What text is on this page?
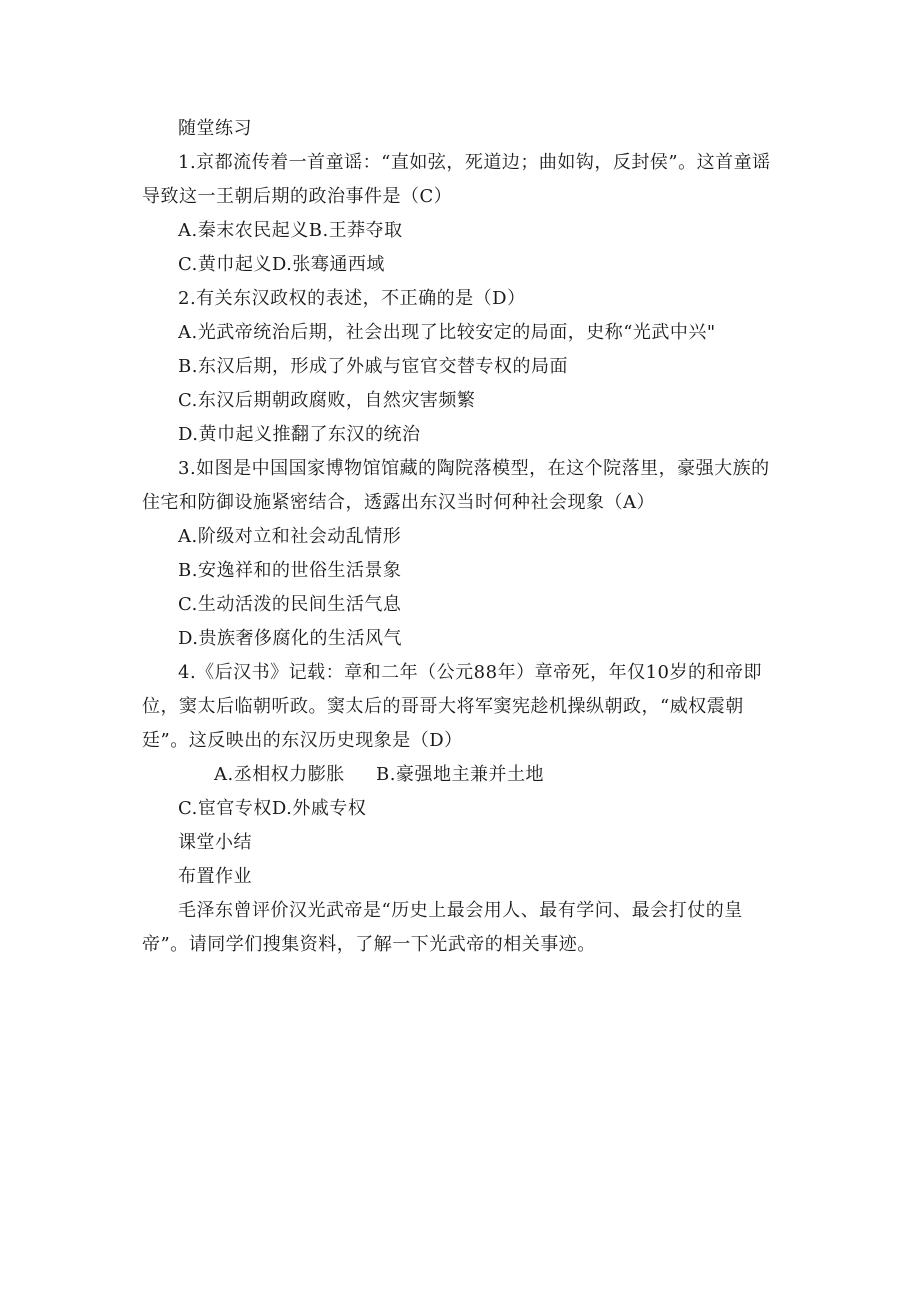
随堂练习

1.京都流传着一首童谣：“直如弦，死道边；曲如钩，反封侯”。这首童谣导致这一王朝后期的政治事件是（C）

A.秦末农民起义B.王莽夺取

C.黄巾起义D.张骞通西域

2.有关东汉政权的表述，不正确的是（D）

A.光武帝统治后期，社会出现了比较安定的局面，史称“光武中兴"

B.东汉后期，形成了外戚与宦官交替专权的局面

C.东汉后期朝政腐败，自然灾害频繁

D.黄巾起义推翻了东汉的统治

3.如图是中国国家博物馆馆藏的陶院落模型，在这个院落里，豪强大族的住宅和防御设施紧密结合，透露出东汉当时何种社会现象（A）

A.阶级对立和社会动乱情形

B.安逸祥和的世俗生活景象

C.生动活泼的民间生活气息

D.贵族奢侈腐化的生活风气

4.《后汉书》记载：章和二年（公元88年）章帝死，年仅10岁的和帝即位，窦太后临朝听政。窦太后的哥哥大将军窦宪趁机操纵朝政，“威权震朝廷”。这反映出的东汉历史现象是（D）

A.丞相权力膨胀 B.豪强地主兼并土地

C.宦官专权D.外戚专权

课堂小结

布置作业

毛泽东曾评价汉光武帝是“历史上最会用人、最有学问、最会打仗的皇帝”。请同学们搜集资料，了解一下光武帝的相关事迹。
